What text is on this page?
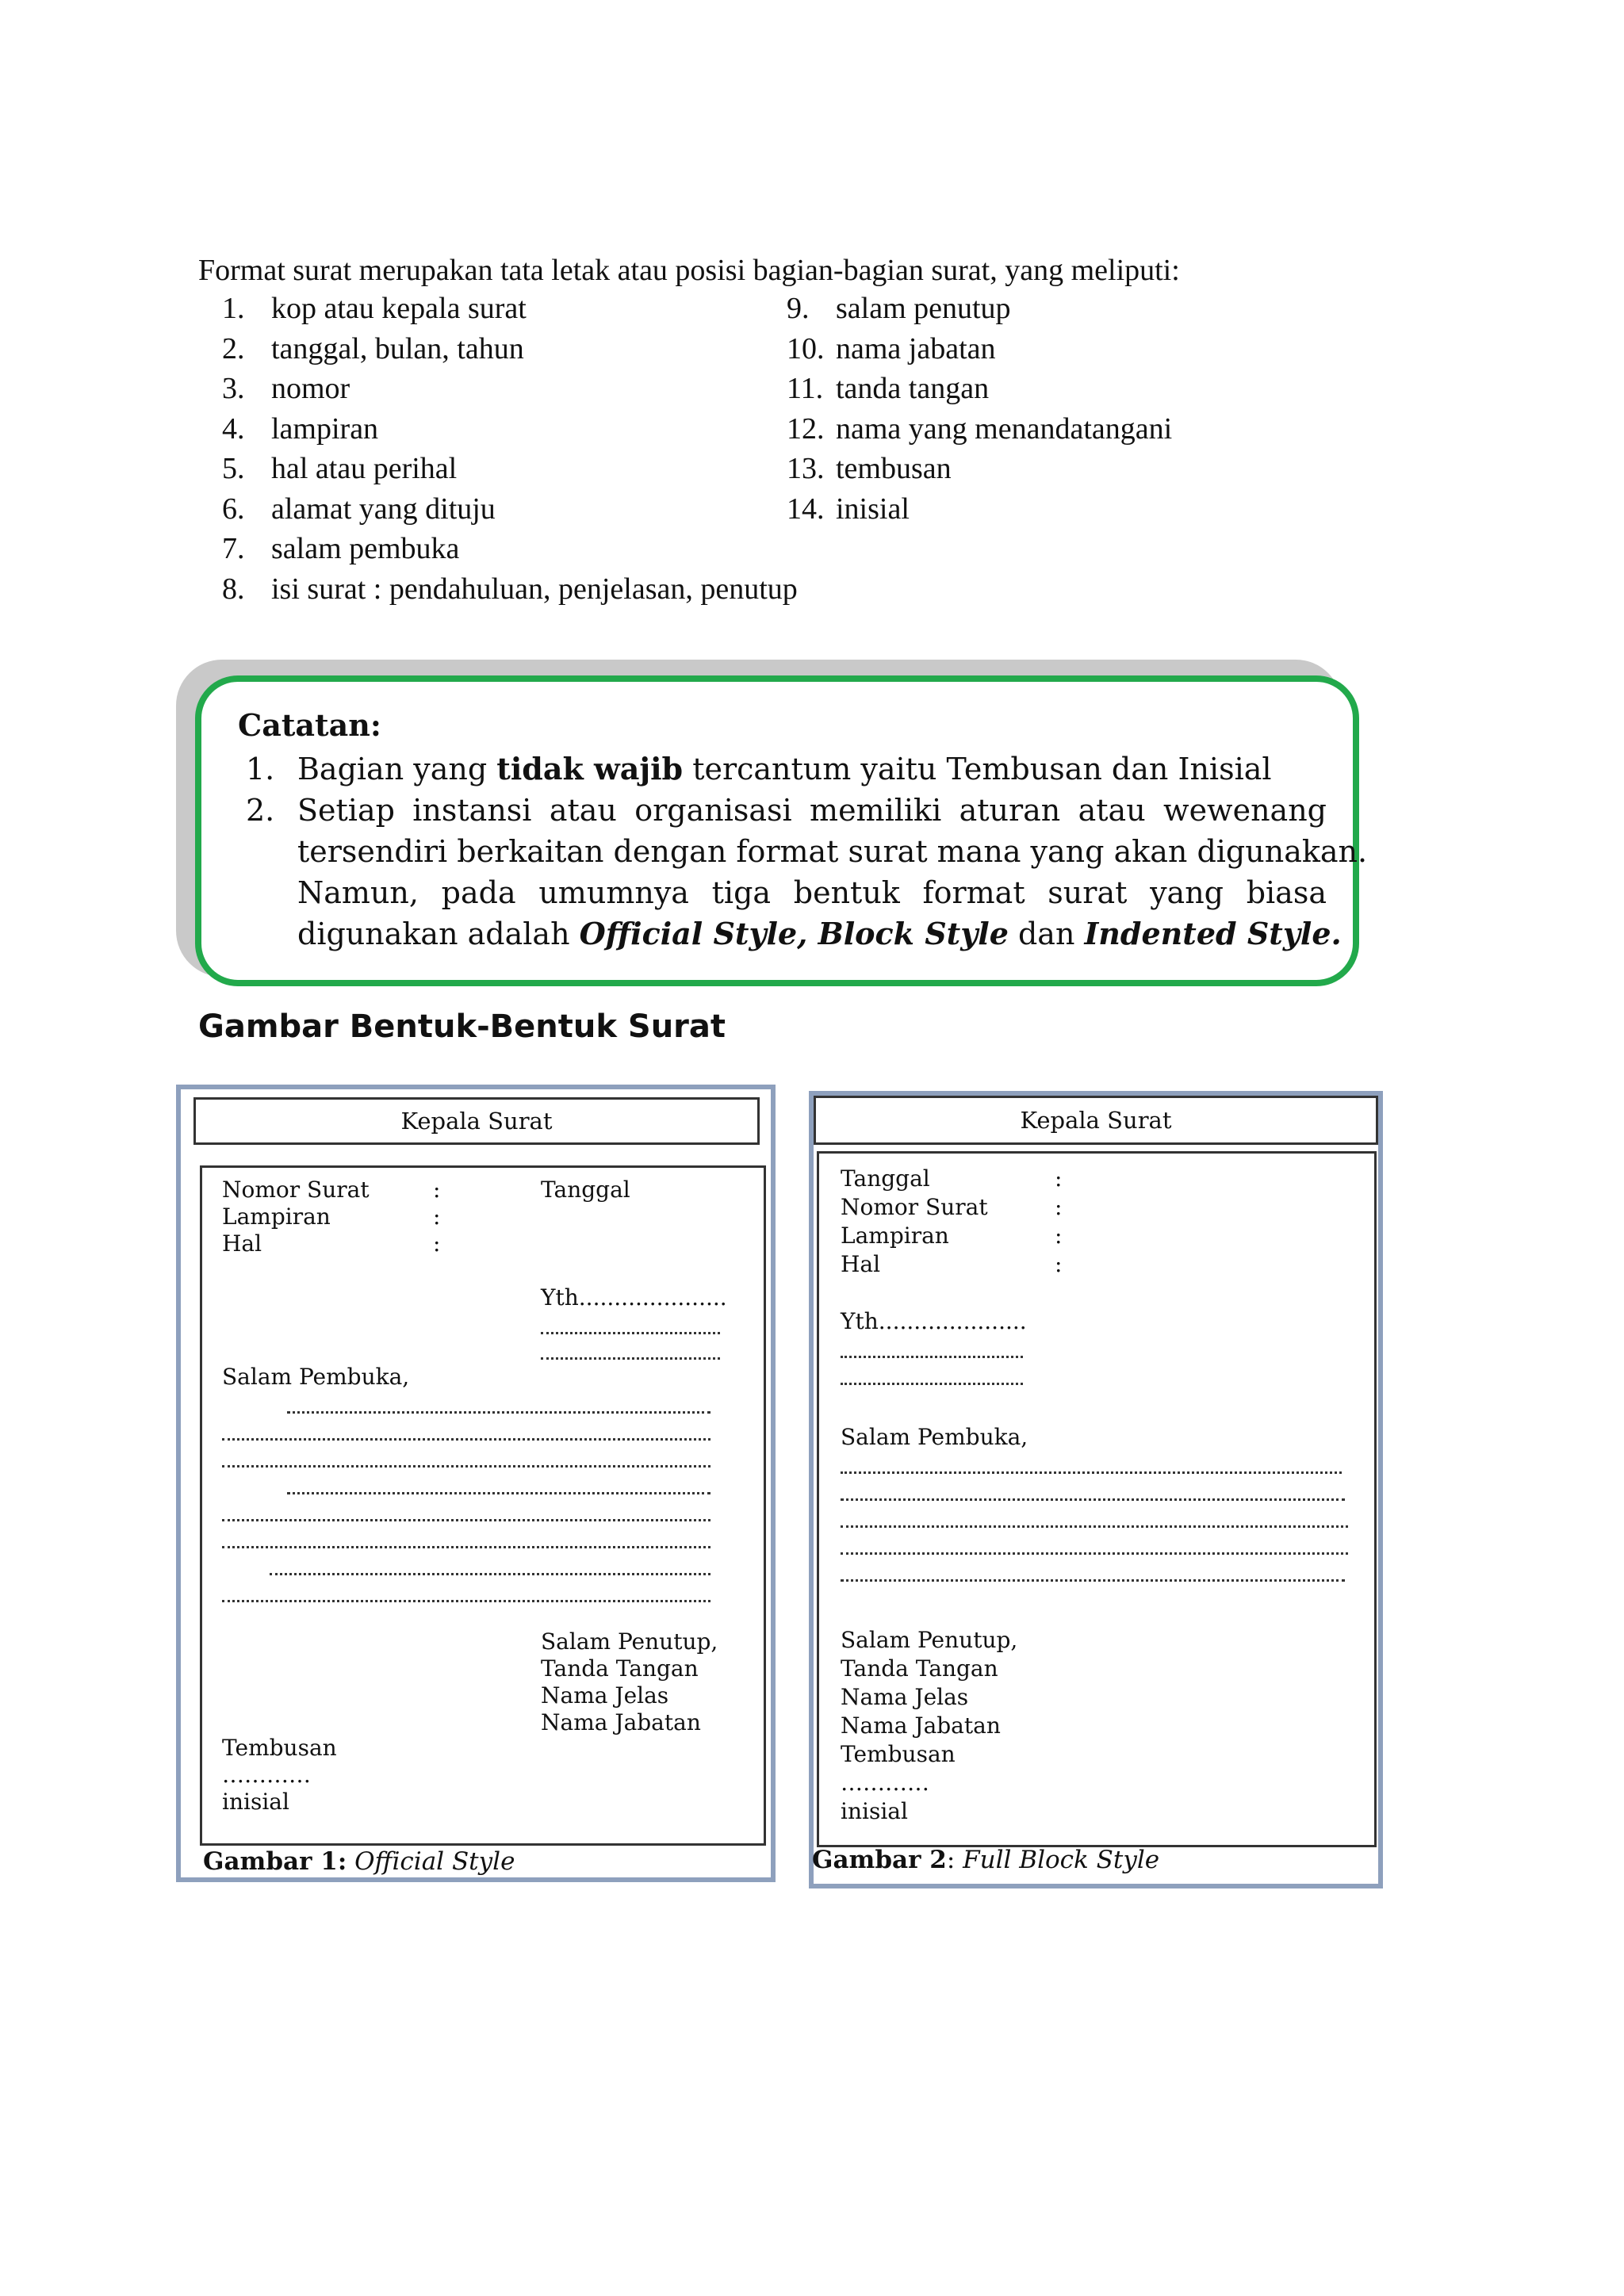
Format surat merupakan tata letak atau posisi bagian-bagian surat, yang meliputi:
1. kop atau kepala surat
2. tanggal, bulan, tahun
3. nomor
4. lampiran
5. hal atau perihal
6. alamat yang dituju
7. salam pembuka
8. isi surat : pendahuluan, penjelasan, penutup
9. salam penutup
10. nama jabatan
11. tanda tangan
12. nama yang menandatangani
13. tembusan
14. inisial
Catatan:
1. Bagian yang tidak wajib tercantum yaitu Tembusan dan Inisial
2. Setiap instansi atau organisasi memiliki aturan atau wewenang
tersendiri berkaitan dengan format surat mana yang akan digunakan.
Namun, pada umumnya tiga bentuk format surat yang biasa
digunakan adalah Official Style, Block Style dan Indented Style.
Gambar Bentuk-Bentuk Surat
Kepala Surat
Nomor Surat
Lampiran
Hal
:
:
:
Tanggal
Yth.....................
Salam Pembuka,
Salam Penutup,
Tanda Tangan
Nama Jelas
Nama Jabatan
Tembusan
…………
inisial
Gambar 1: Official Style
Kepala Surat
Tanggal
Nomor Surat
Lampiran
Hal
:
:
:
:
Yth.....................
Salam Pembuka,
Salam Penutup,
Tanda Tangan
Nama Jelas
Nama Jabatan
Tembusan
…………
inisial
Gambar 2: Full Block Style
